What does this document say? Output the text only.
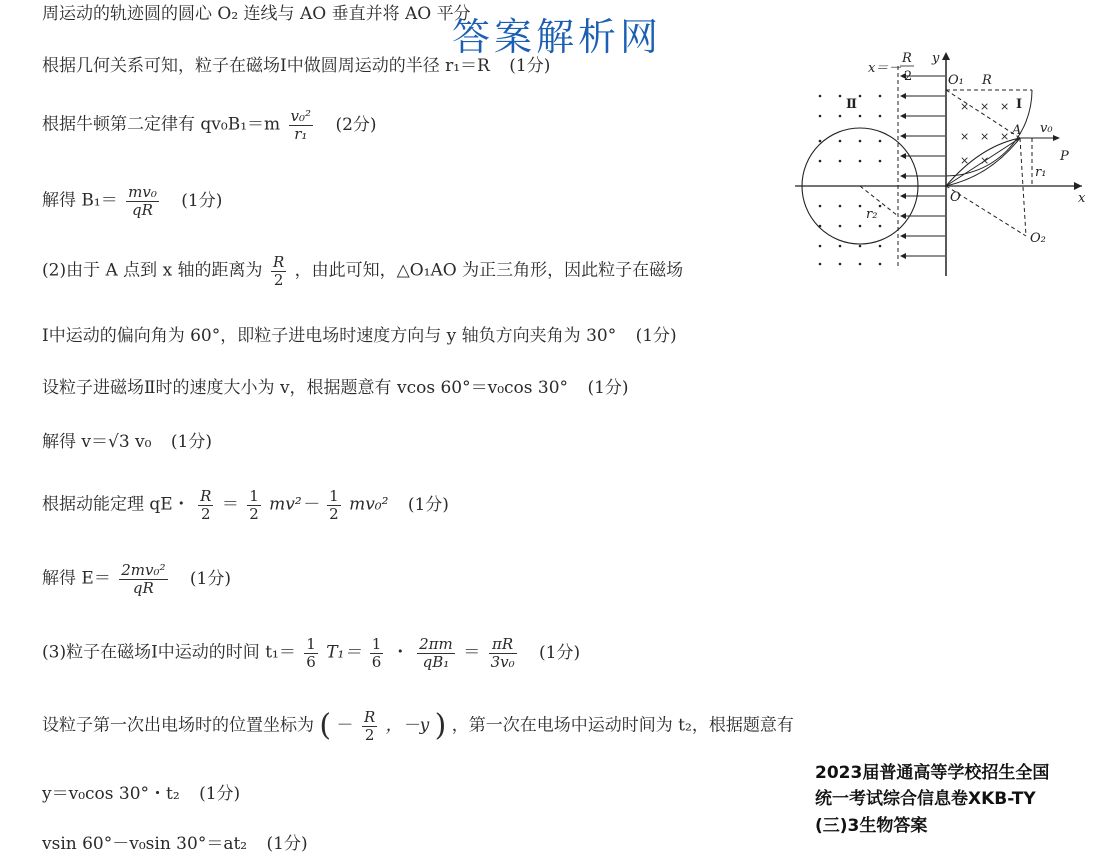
答案解析网
周运动的轨迹圆的圆心 O₂ 连线与 AO 垂直并将 AO 平分
根据几何关系可知，粒子在磁场Ⅰ中做圆周运动的半径 r₁＝R (1分)
根据牛顿第二定律有 $qv_0B_1=m \frac{\text{v₀²}}{\text{r₁}} (2$分)
解得 $B_1= \frac{\text{mv₀}}{qR} (1$分)
(2)由于 A 点到 x 轴的距离为 $\frac{R}{2}$ ，由此可知，△O₁AO 为正三角形，因此粒子在磁场
Ⅰ中运动的偏向角为 60°，即粒子进电场时速度方向与 y 轴负方向夹角为 30° (1分)
设粒子进磁场Ⅱ时的速度大小为 v，根据题意有 vcos 60°＝v₀cos 30° (1分)
解得 v＝√3 v₀ (1分)
根据动能定理 qE・ $\frac{R}{2} = \frac{1}{2} mv^2- \frac{1}{2} mv_0^2$ (1分)
解得 $E= \frac{\text{2mv₀²}}{qR} (1$分)
(3)粒子在磁场Ⅰ中运动的时间 $t_1= \frac{1}{6} T_1= \frac{1}{6}$ ・ $\frac{2\pi m}{\text{qB₁}} = \frac{\pi R}{\text{3v₀}} (1$分)
设粒子第一次出电场时的位置坐标为 ( － $\frac{R}{2}$ ，－y ) ，第一次在电场中运动时间为 t₂，根据题意有
y＝v₀cos 30°・t₂ (1分)
vsin 60°－v₀sin 30°＝at₂ (1分)
2023届普通高等学校招生全国
统一考试综合信息卷XKB-TY
(三)3生物答案
× × ×
× × ×
× ×
x＝－
R
2
y
O₁ R
Ⅰ
Ⅱ
A v₀
P
O	x
r₁
r₂
O₂
